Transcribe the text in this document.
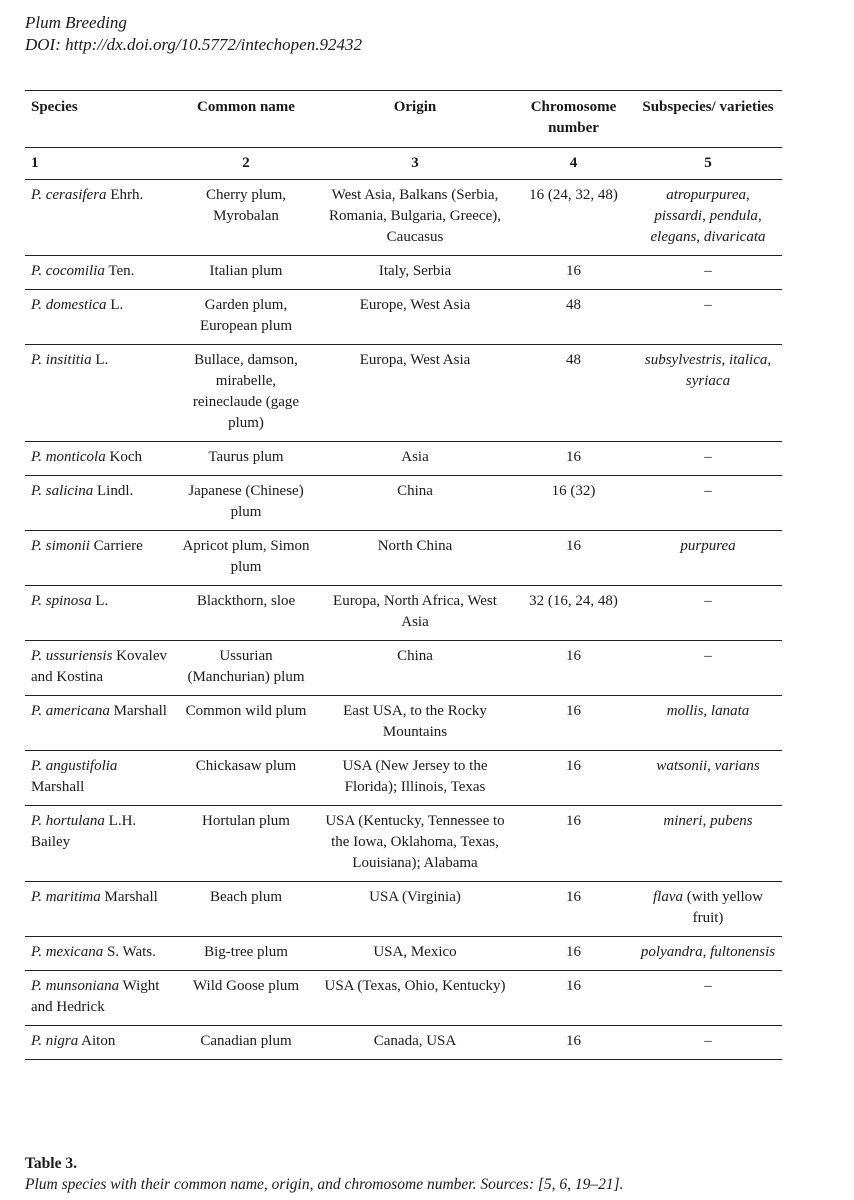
Plum Breeding
DOI: http://dx.doi.org/10.5772/intechopen.92432
Species	Common name	Origin	Chromosome number	Subspecies/ varieties
1	2	3	4	5
P. cerasifera Ehrh.	Cherry plum, Myrobalan	West Asia, Balkans (Serbia, Romania, Bulgaria, Greece), Caucasus	16 (24, 32, 48)	atropurpurea, pissardi, pendula, elegans, divaricata
P. cocomilia Ten.	Italian plum	Italy, Serbia	16	–
P. domestica L.	Garden plum, European plum	Europe, West Asia	48	–
P. insititia L.	Bullace, damson, mirabelle, reineclaude (gage plum)	Europa, West Asia	48	subsylvestris, italica, syriaca
P. monticola Koch	Taurus plum	Asia	16	–
P. salicina Lindl.	Japanese (Chinese) plum	China	16 (32)	–
P. simonii Carriere	Apricot plum, Simon plum	North China	16	purpurea
P. spinosa L.	Blackthorn, sloe	Europa, North Africa, West Asia	32 (16, 24, 48)	–
P. ussuriensis Kovalev and Kostina	Ussurian (Manchurian) plum	China	16	–
P. americana Marshall	Common wild plum	East USA, to the Rocky Mountains	16	mollis, lanata
P. angustifolia Marshall	Chickasaw plum	USA (New Jersey to the Florida); Illinois, Texas	16	watsonii, varians
P. hortulana L.H. Bailey	Hortulan plum	USA (Kentucky, Tennessee to the Iowa, Oklahoma, Texas, Louisiana); Alabama	16	mineri, pubens
P. maritima Marshall	Beach plum	USA (Virginia)	16	flava (with yellow fruit)
P. mexicana S. Wats.	Big-tree plum	USA, Mexico	16	polyandra, fultonensis
P. munsoniana Wight and Hedrick	Wild Goose plum	USA (Texas, Ohio, Kentucky)	16	–
P. nigra Aiton	Canadian plum	Canada, USA	16	–
Table 3.
Plum species with their common name, origin, and chromosome number. Sources: [5, 6, 19–21].
